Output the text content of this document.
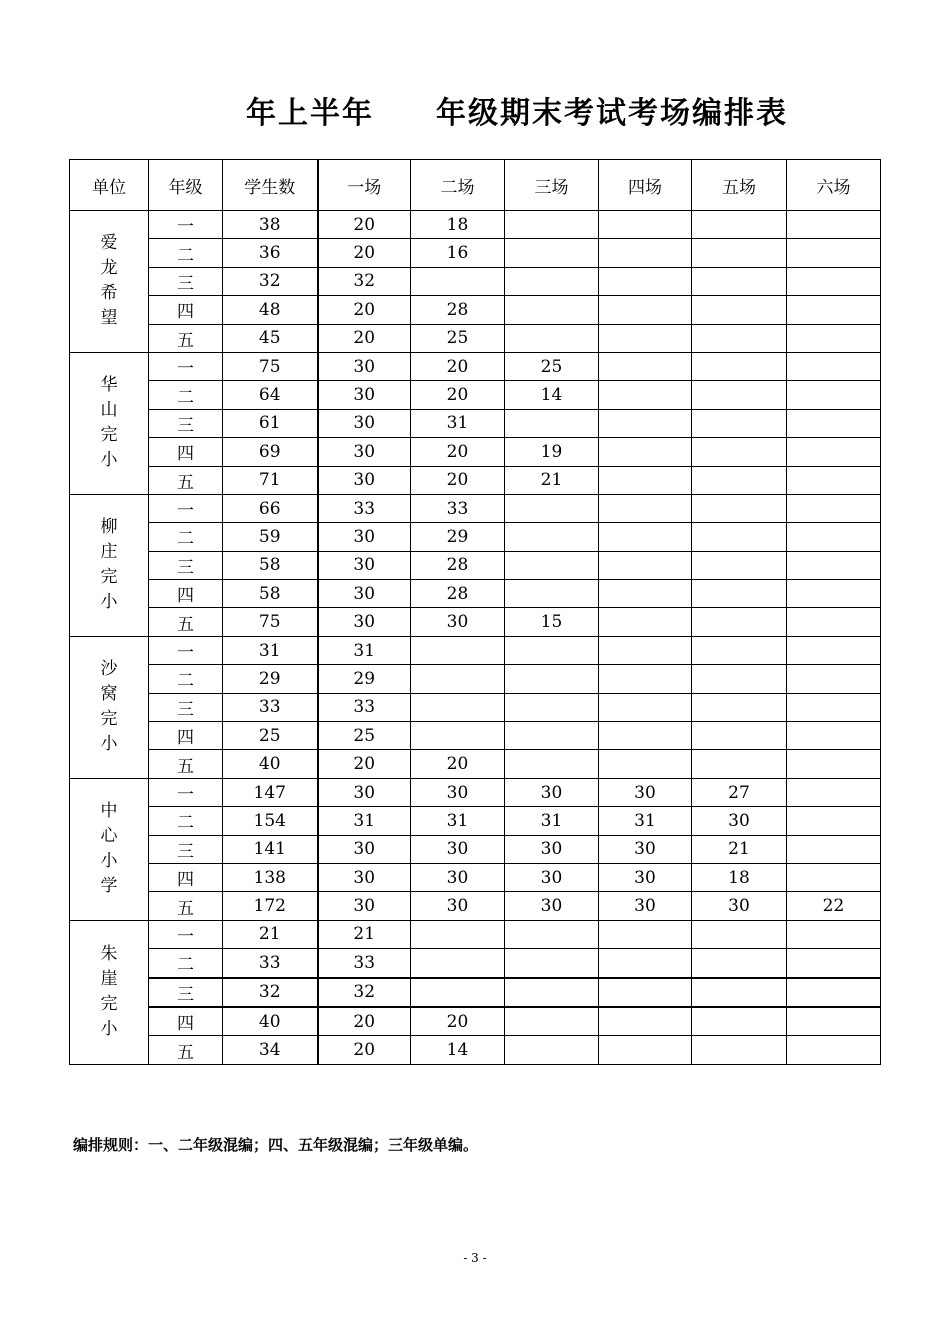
年上半年 年级期末考试考场编排表
单位	年级	学生数	一场	二场	三场	四场	五场	六场

爱龙希望	一	38	20	18				
	二	36	20	16				
	三	32	32					
	四	48	20	28				
	五	45	20	25				

华山完小	一	75	30	20	25			
	二	64	30	20	14			
	三	61	30	31				
	四	69	30	20	19			
	五	71	30	20	21			

柳庄完小	一	66	33	33				
	二	59	30	29				
	三	58	30	28				
	四	58	30	28				
	五	75	30	30	15			

沙窝完小	一	31	31					
	二	29	29					
	三	33	33					
	四	25	25					
	五	40	20	20				

中心小学	一	147	30	30	30	30	27	
	二	154	31	31	31	31	30	
	三	141	30	30	30	30	21	
	四	138	30	30	30	30	18	
	五	172	30	30	30	30	30	22

朱崖完小	一	21	21					
	二	33	33					
	三	32	32					
	四	40	20	20				
	五	34	20	14				
编排规则：一、二年级混编；四、五年级混编；三年级单编。
- 3 -
